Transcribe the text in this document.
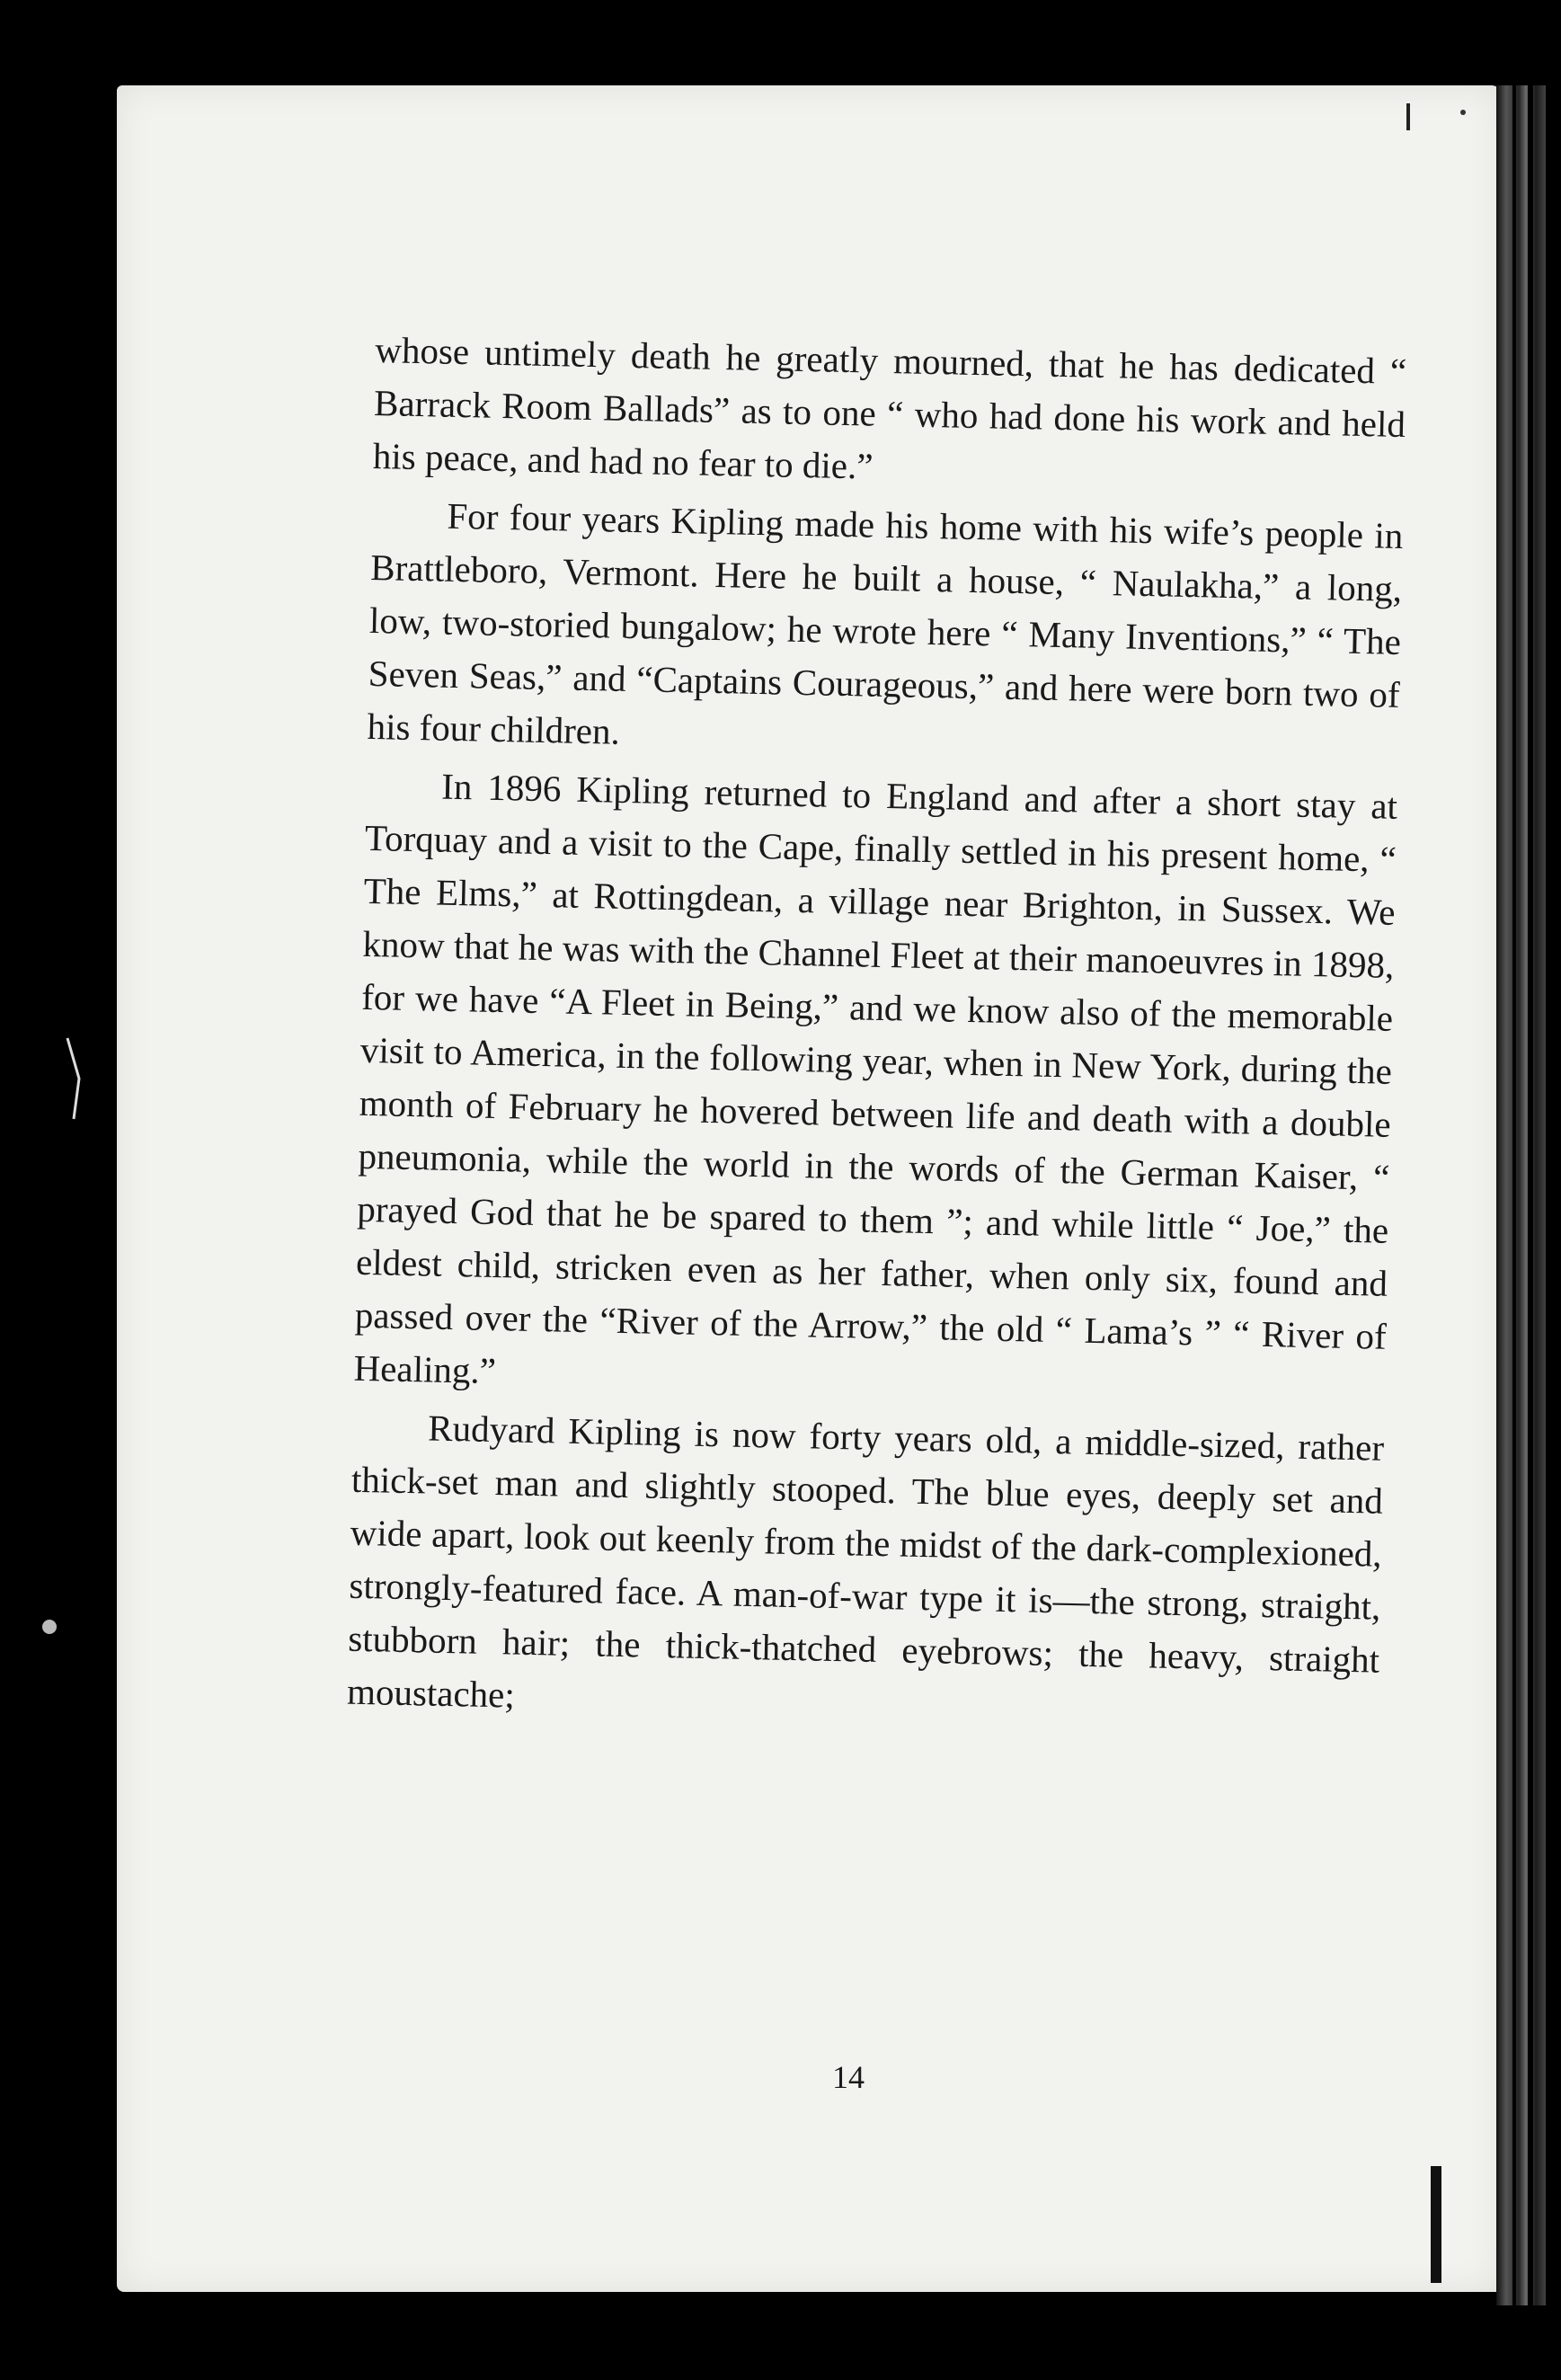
whose untimely death he greatly mourned, that he has dedicated “ Barrack Room Ballads” as to one “ who had done his work and held his peace, and had no fear to die.”

For four years Kipling made his home with his wife’s people in Brattleboro, Vermont. Here he built a house, “ Naulakha,” a long, low, two-storied bungalow; he wrote here “ Many Inventions,” “ The Seven Seas,” and “Captains Courageous,” and here were born two of his four children.

In 1896 Kipling returned to England and after a short stay at Torquay and a visit to the Cape, finally settled in his present home, “ The Elms,” at Rottingdean, a village near Brighton, in Sussex. We know that he was with the Channel Fleet at their manoeuvres in 1898, for we have “A Fleet in Being,” and we know also of the memorable visit to America, in the following year, when in New York, during the month of February he hovered between life and death with a double pneumonia, while the world in the words of the German Kaiser, “ prayed God that he be spared to them ”; and while little “ Joe,” the eldest child, stricken even as her father, when only six, found and passed over the “River of the Arrow,” the old “ Lama’s ” “ River of Healing.”

Rudyard Kipling is now forty years old, a middle-sized, rather thick-set man and slightly stooped. The blue eyes, deeply set and wide apart, look out keenly from the midst of the dark-complexioned, strongly-featured face. A man-of-war type it is—the strong, straight, stubborn hair; the thick-thatched eyebrows; the heavy, straight moustache;

14
